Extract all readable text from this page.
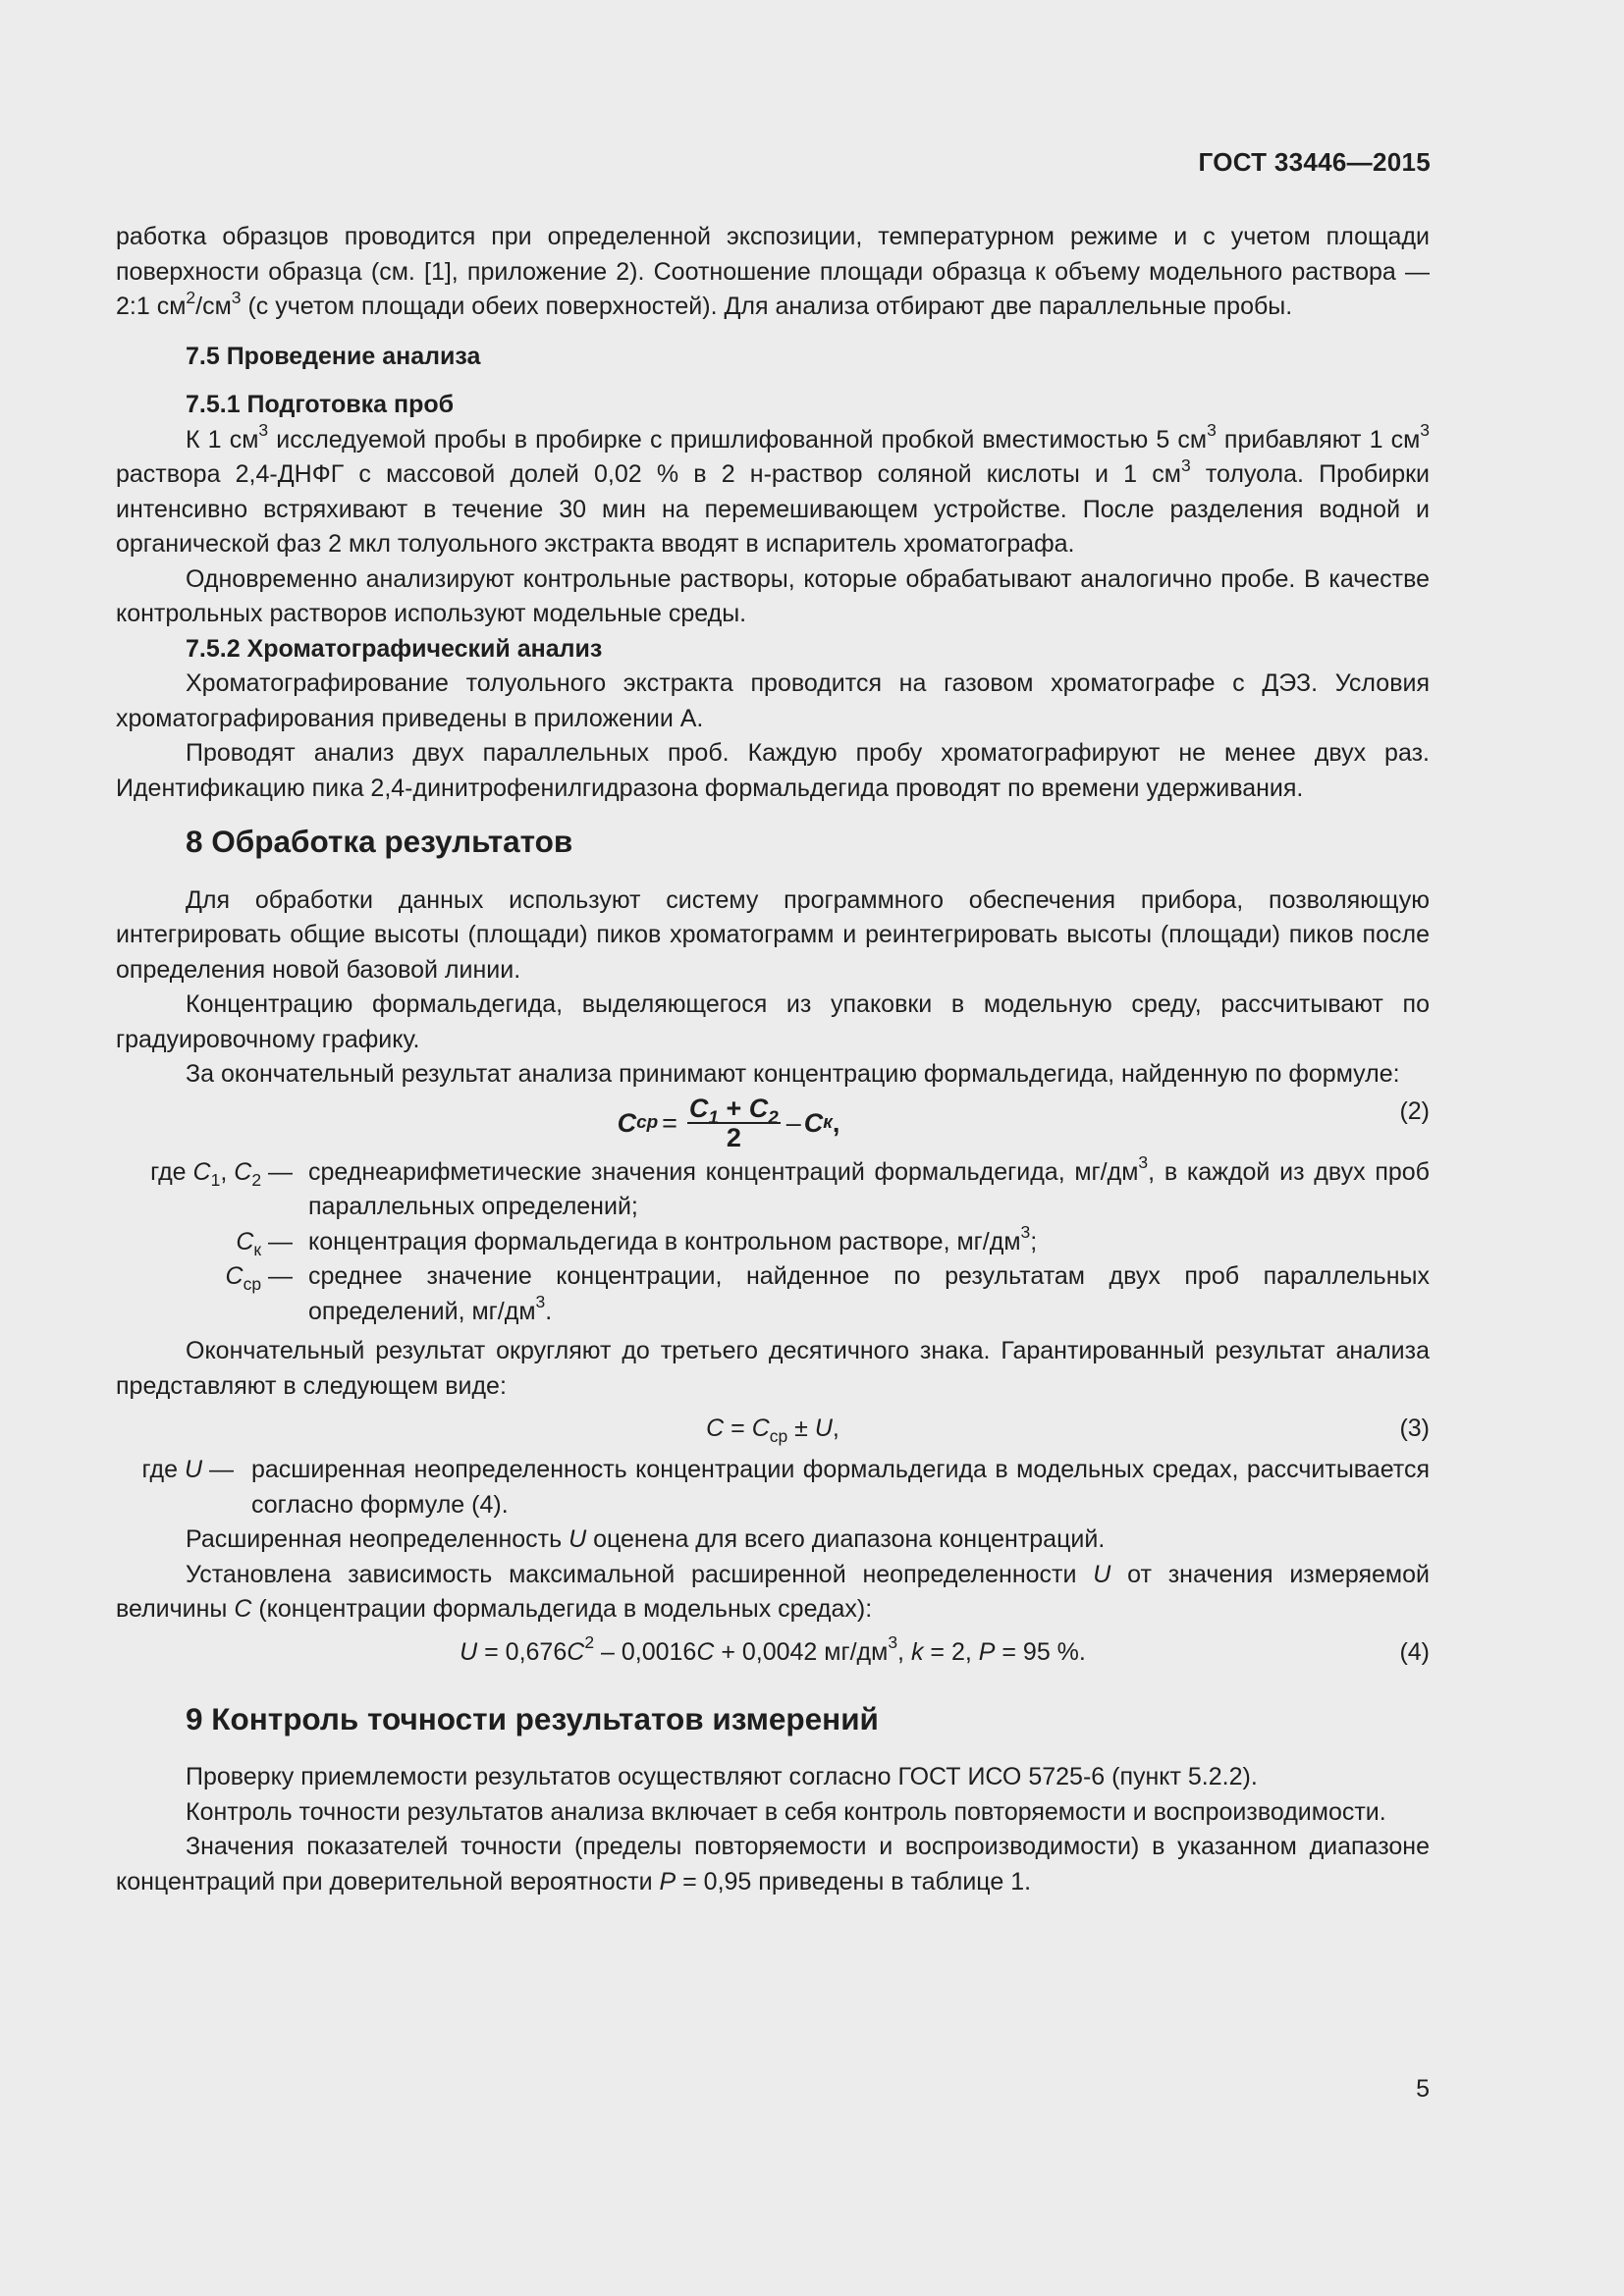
ГОСТ 33446—2015

работка образцов проводится при определенной экспозиции, температурном режиме и с учетом площади поверхности образца (см. [1], приложение 2). Соотношение площади образца к объему модельного раствора — 2:1 $см^2/см^3$ (с учетом площади обеих поверхностей). Для анализа отбирают две параллельные пробы.

7.5 Проведение анализа

7.5.1 Подготовка проб

К 1 $см^3$ исследуемой пробы в пробирке с пришлифованной пробкой вместимостью 5 $см^3$ прибавляют 1 $см^3$ раствора 2,4-ДНФГ с массовой долей 0,02 % в 2 н-раствор соляной кислоты и 1 $см^3$ толуола. Пробирки интенсивно встряхивают в течение 30 мин на перемешивающем устройстве. После разделения водной и органической фаз 2 мкл толуольного экстракта вводят в испаритель хроматографа.

Одновременно анализируют контрольные растворы, которые обрабатывают аналогично пробе. В качестве контрольных растворов используют модельные среды.

7.5.2 Хроматографический анализ

Хроматографирование толуольного экстракта проводится на газовом хроматографе с ДЭЗ. Условия хроматографирования приведены в приложении А.

Проводят анализ двух параллельных проб. Каждую пробу хроматографируют не менее двух раз. Идентификацию пика 2,4-динитрофенилгидразона формальдегида проводят по времени удерживания.

8 Обработка результатов

Для обработки данных используют систему программного обеспечения прибора, позволяющую интегрировать общие высоты (площади) пиков хроматограмм и реинтегрировать высоты (площади) пиков после определения новой базовой линии.

Концентрацию формальдегида, выделяющегося из упаковки в модельную среду, рассчитывают по градуировочному графику.

За окончательный результат анализа принимают концентрацию формальдегида, найденную по формуле:

C ср = $\frac{C_1 + C_2}{2}$ – C к ,	(2)
где $C_1$, $C_2$ — среднеарифметические значения концентраций формальдегида, $мг/дм^3$, в каждой из двух проб параллельных определений;
$C_к$ — концентрация формальдегида в контрольном растворе, $мг/дм^3$;
$C_{ср}$ — среднее значение концентрации, найденное по результатам двух проб параллельных определений, $мг/дм^3$.

Окончательный результат округляют до третьего десятичного знака. Гарантированный результат анализа представляют в следующем виде:

$C = C_{ср} \pm U$,	(3)
где U — расширенная неопределенность концентрации формальдегида в модельных средах, рассчитывается согласно формуле (4).

Расширенная неопределенность U оценена для всего диапазона концентраций.

Установлена зависимость максимальной расширенной неопределенности U от значения измеряемой величины C (концентрации формальдегида в модельных средах):

$U = 0,676C^2 - 0,0016C + 0,0042$ $мг/дм^3$, k = 2, P = 95 %.	(4)
9 Контроль точности результатов измерений

Проверку приемлемости результатов осуществляют согласно ГОСТ ИСО 5725-6 (пункт 5.2.2).

Контроль точности результатов анализа включает в себя контроль повторяемости и воспроизводимости.

Значения показателей точности (пределы повторяемости и воспроизводимости) в указанном диапазоне концентраций при доверительной вероятности P = 0,95 приведены в таблице 1.

5
